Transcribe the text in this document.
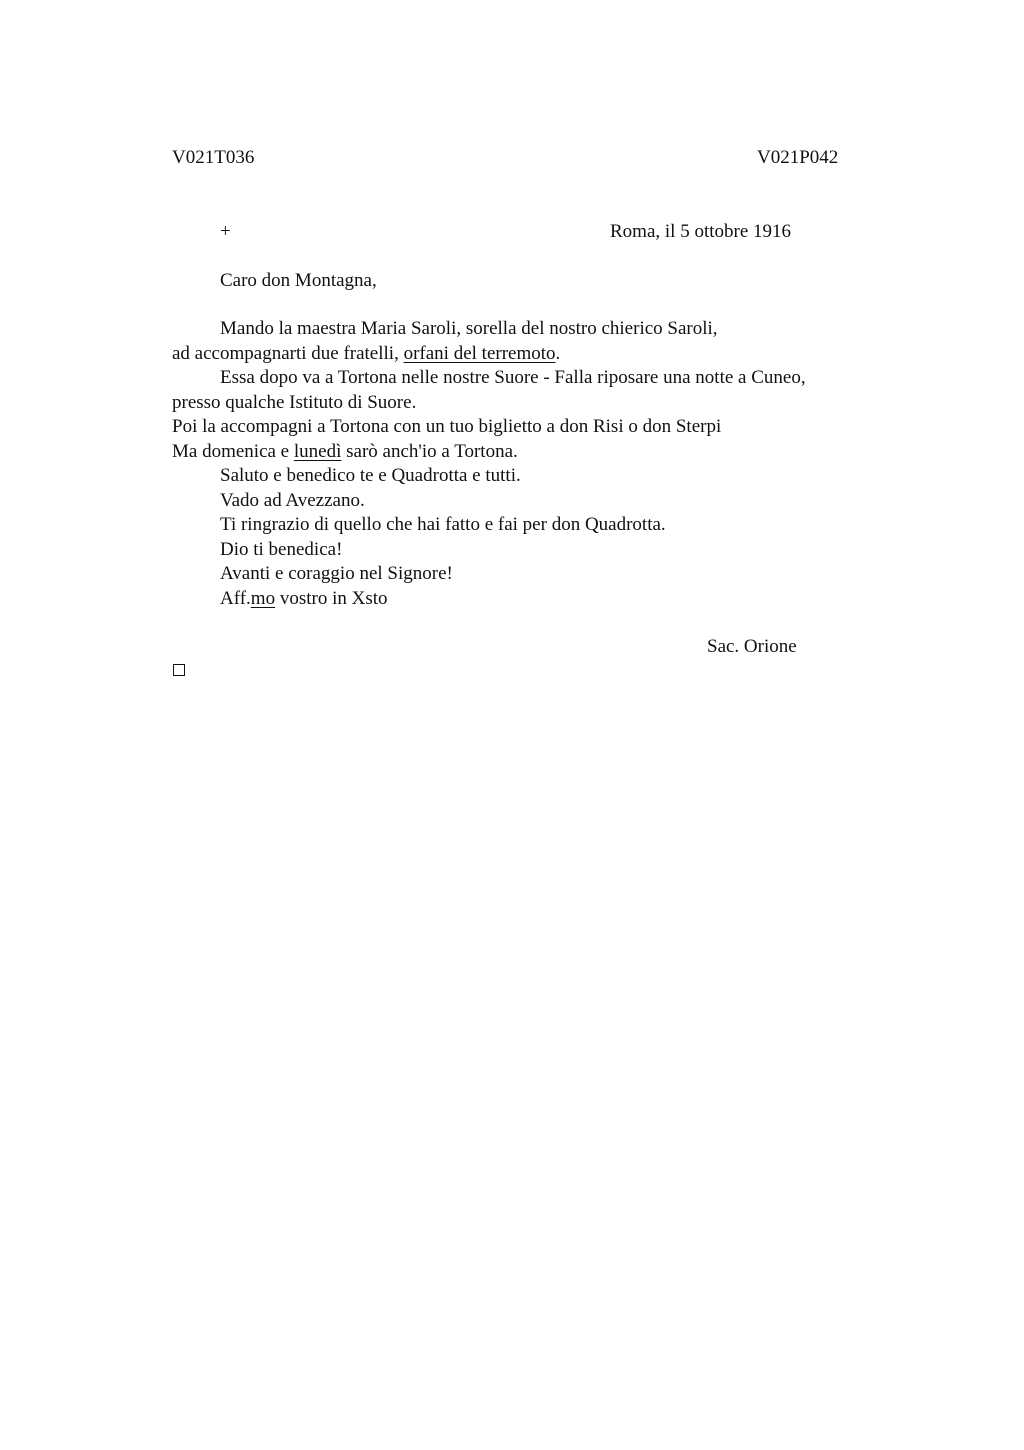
V021T036	V021P042
+	Roma, il 5 ottobre 1916
Caro don Montagna,
Mando la maestra Maria Saroli, sorella del nostro chierico Saroli,
ad accompagnarti due fratelli, orfani del terremoto.
Essa dopo va a Tortona nelle nostre Suore - Falla riposare una notte a Cuneo,
presso qualche Istituto di Suore.
Poi la accompagni a Tortona con un tuo biglietto a don Risi o don Sterpi
Ma domenica e lunedì sarò anch'io a Tortona.
Saluto e benedico te e Quadrotta e tutti.
Vado ad Avezzano.
Ti ringrazio di quello che hai fatto e fai per don Quadrotta.
Dio ti benedica!
Avanti e coraggio nel Signore!
Aff.mo vostro in Xsto
Sac. Orione
